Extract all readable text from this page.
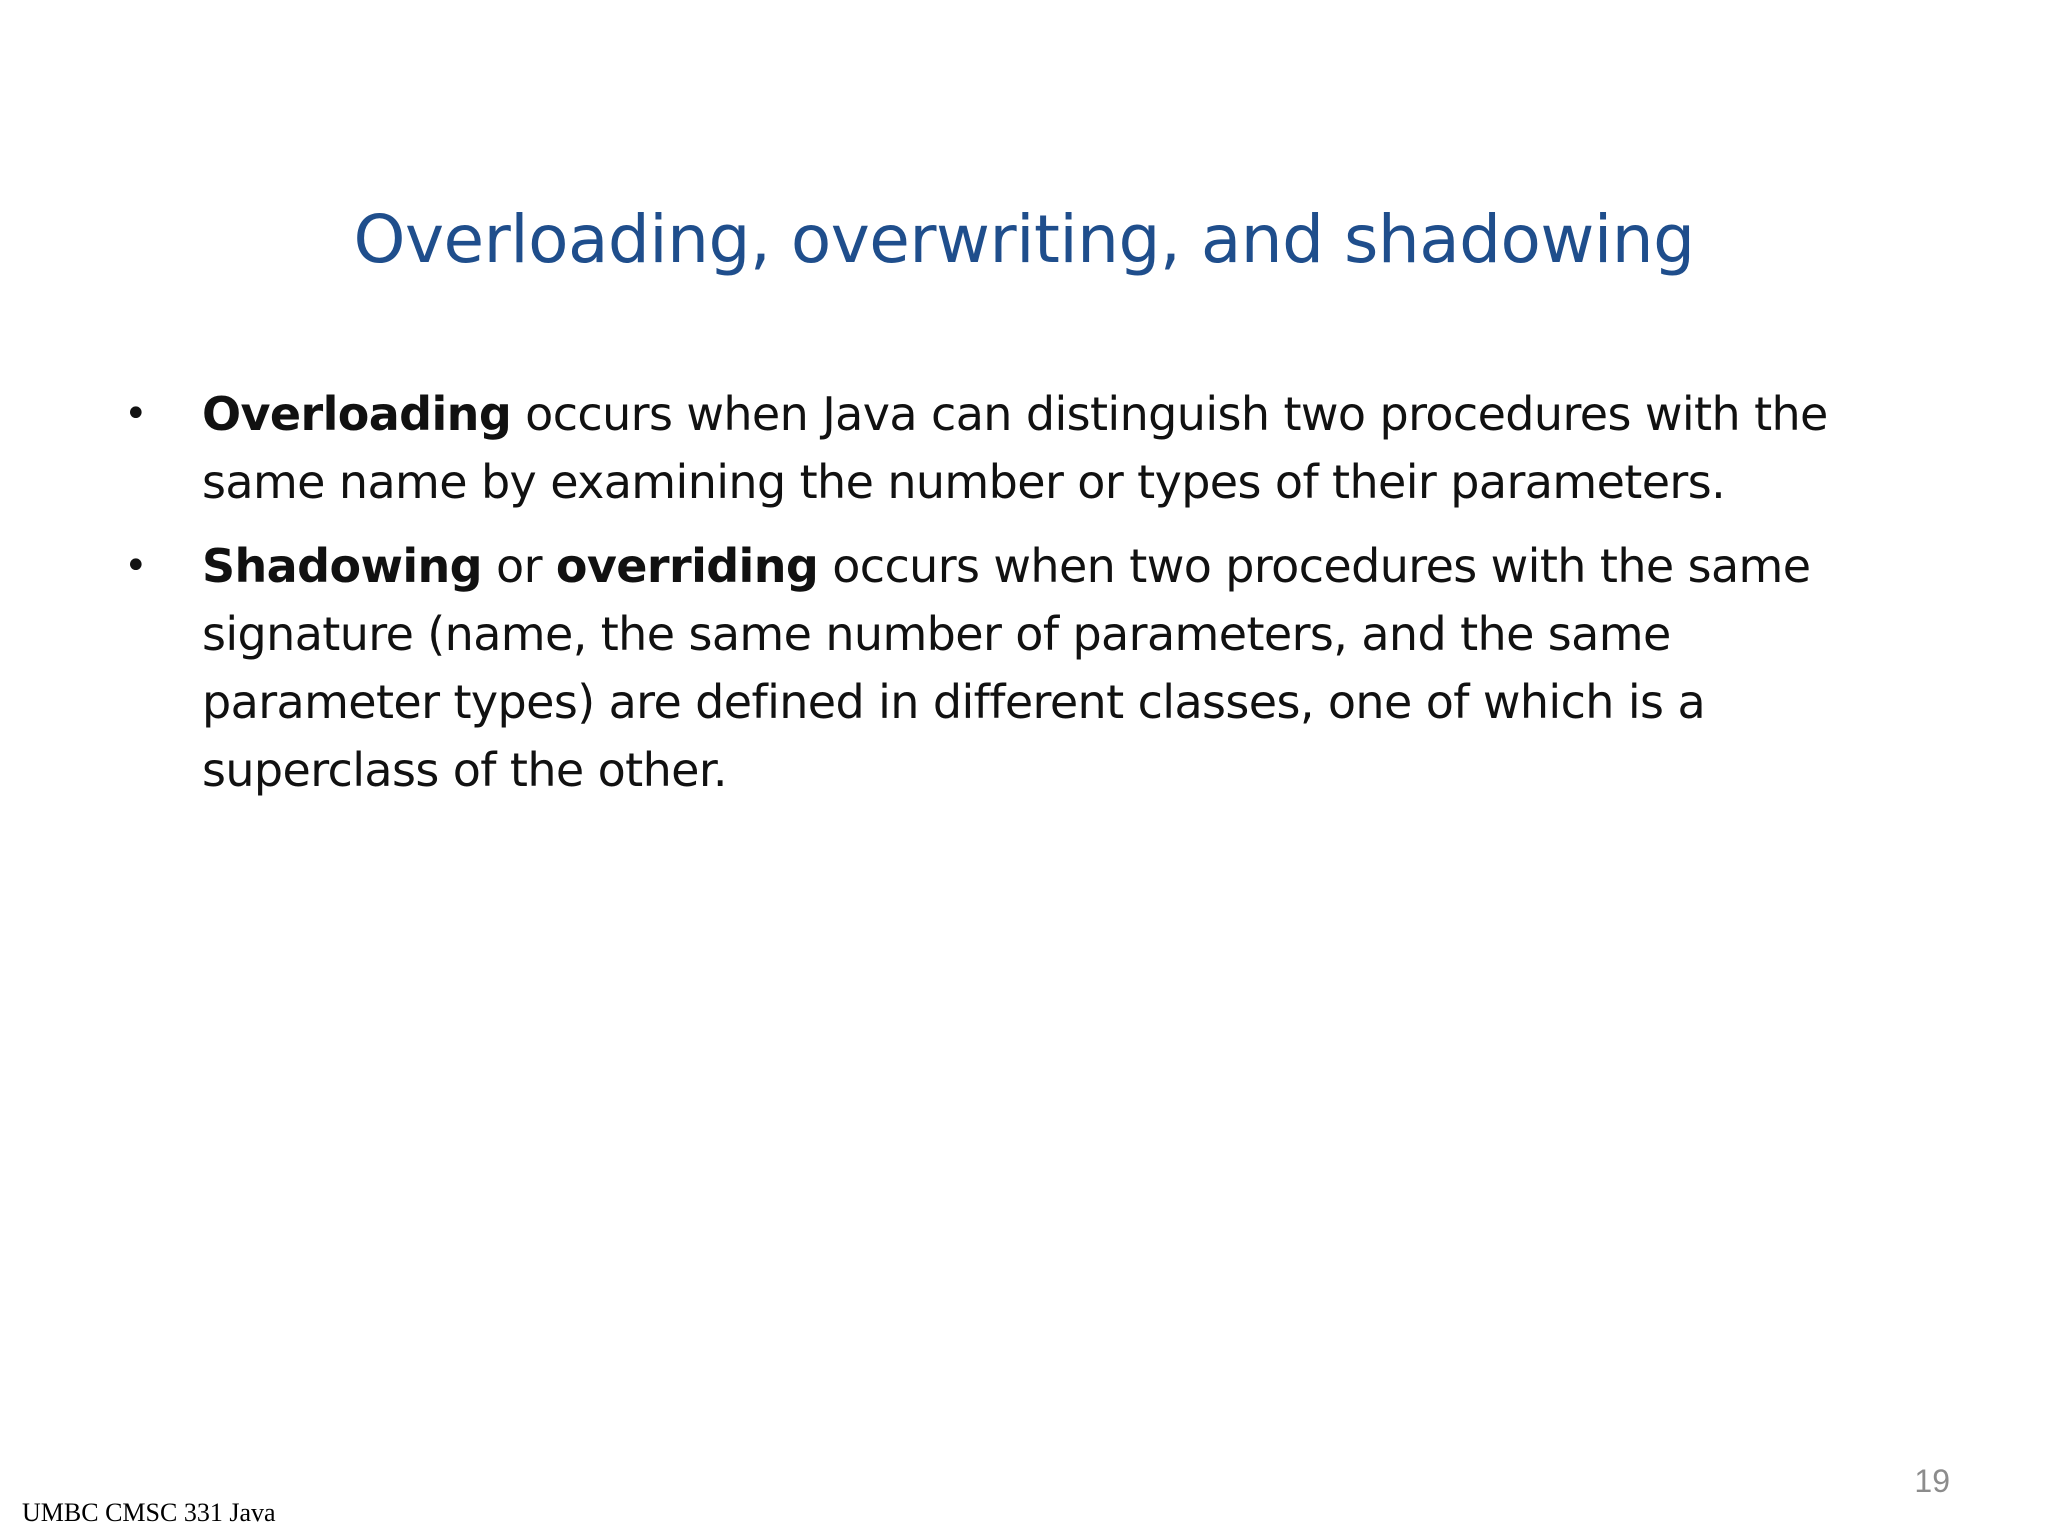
Overloading, overwriting, and shadowing
•	Overloading occurs when Java can distinguish two procedures with the same name by examining the number or types of their parameters.
•	Shadowing or overriding occurs when two procedures with the same signature (name, the same number of parameters, and the same parameter types) are defined in different classes, one of which is a superclass of the other.
19
UMBC CMSC 331 Java
